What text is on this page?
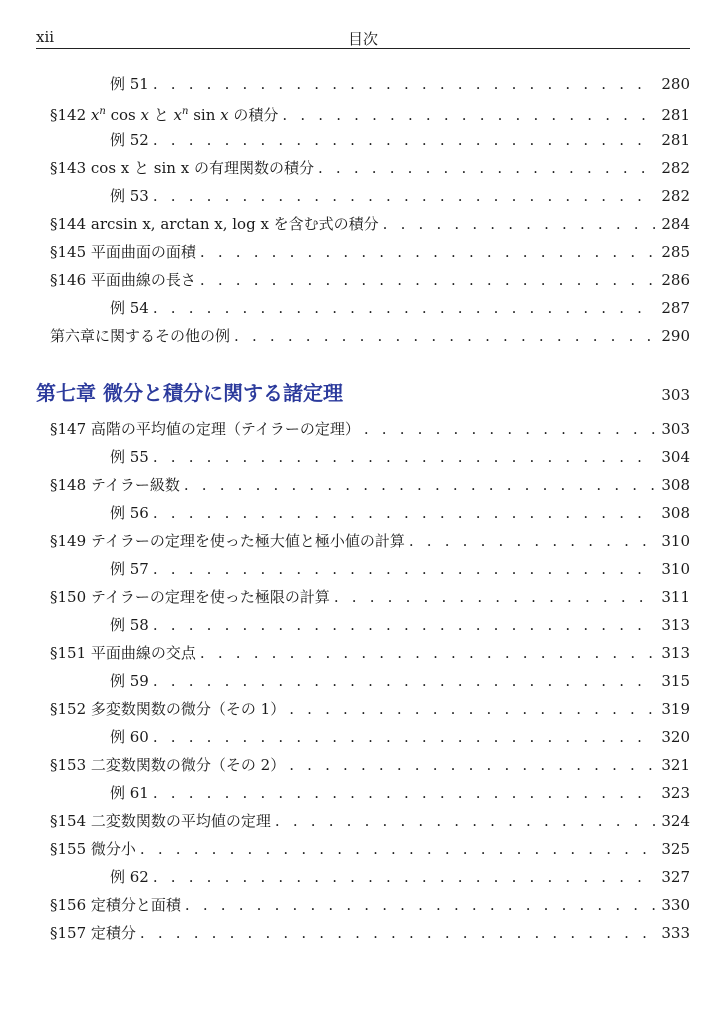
xii	目次
例 51 . . .	280
§142 $x^n$ cos x と $x^n$ sin x の積分 . . .	281
例 52 . . .	281
§143 cos x と sin x の有理関数の積分 . . .	282
例 53 . . .	282
§144 arcsin x, arctan x, log x を含む式の積分 . . .	284
§145 平面曲面の面積 . . .	285
§146 平面曲線の長さ . . .	286
例 54 . . .	287
第六章に関するその他の例 . . .	290
第七章 微分と積分に関する諸定理	303
§147 高階の平均値の定理（テイラーの定理） . . .	303
例 55 . . .	304
§148 テイラー級数 . . .	308
例 56 . . .	308
§149 テイラーの定理を使った極大値と極小値の計算 . . .	310
例 57 . . .	310
§150 テイラーの定理を使った極限の計算 . . .	311
例 58 . . .	313
§151 平面曲線の交点 . . .	313
例 59 . . .	315
§152 多変数関数の微分（その 1） . . .	319
例 60 . . .	320
§153 二変数関数の微分（その 2） . . .	321
例 61 . . .	323
§154 二変数関数の平均値の定理 . . .	324
§155 微分小 . . .	325
例 62 . . .	327
§156 定積分と面積 . . .	330
§157 定積分 . . .	333
